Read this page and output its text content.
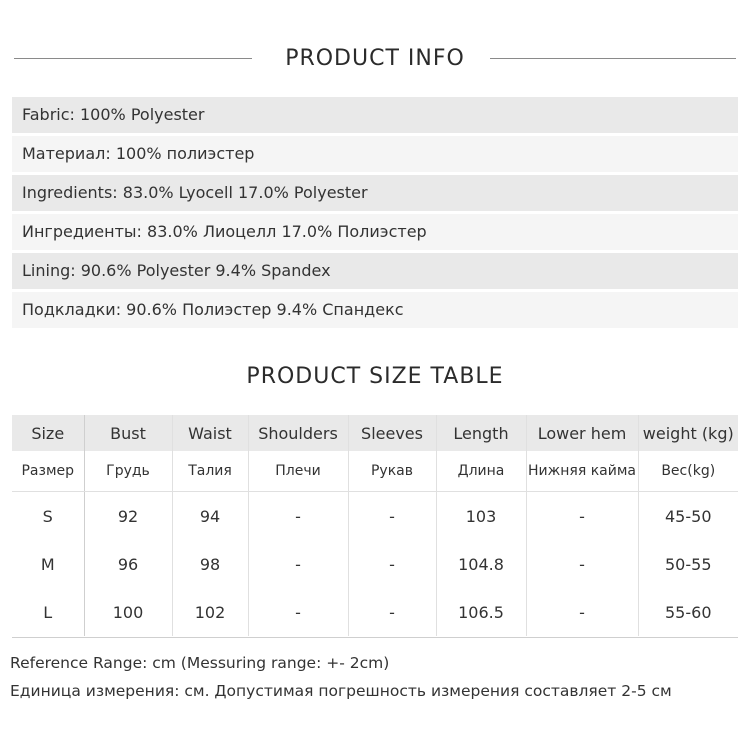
PRODUCT INFO
Fabric: 100% Polyester
Материал: 100% полиэстер
Ingredients: 83.0% Lyocell 17.0% Polyester
Ингредиенты: 83.0% Лиоцелл 17.0% Полиэстер
Lining: 90.6% Polyester 9.4% Spandex
Подкладки: 90.6% Полиэстер 9.4% Спандекс
PRODUCT SIZE TABLE
Size	Bust	Waist	Shoulders	Sleeves	Length	Lower hem	weight (kg)
Размер	Грудь	Талия	Плечи	Рукав	Длина	Нижняя кайма	Вес(kg)
S	92	94	-	-	103	-	45-50
M	96	98	-	-	104.8	-	50-55
L	100	102	-	-	106.5	-	55-60
Reference Range: cm (Messuring range: +- 2cm)
Единица измерения: см. Допустимая погрешность измерения составляет 2-5 см
